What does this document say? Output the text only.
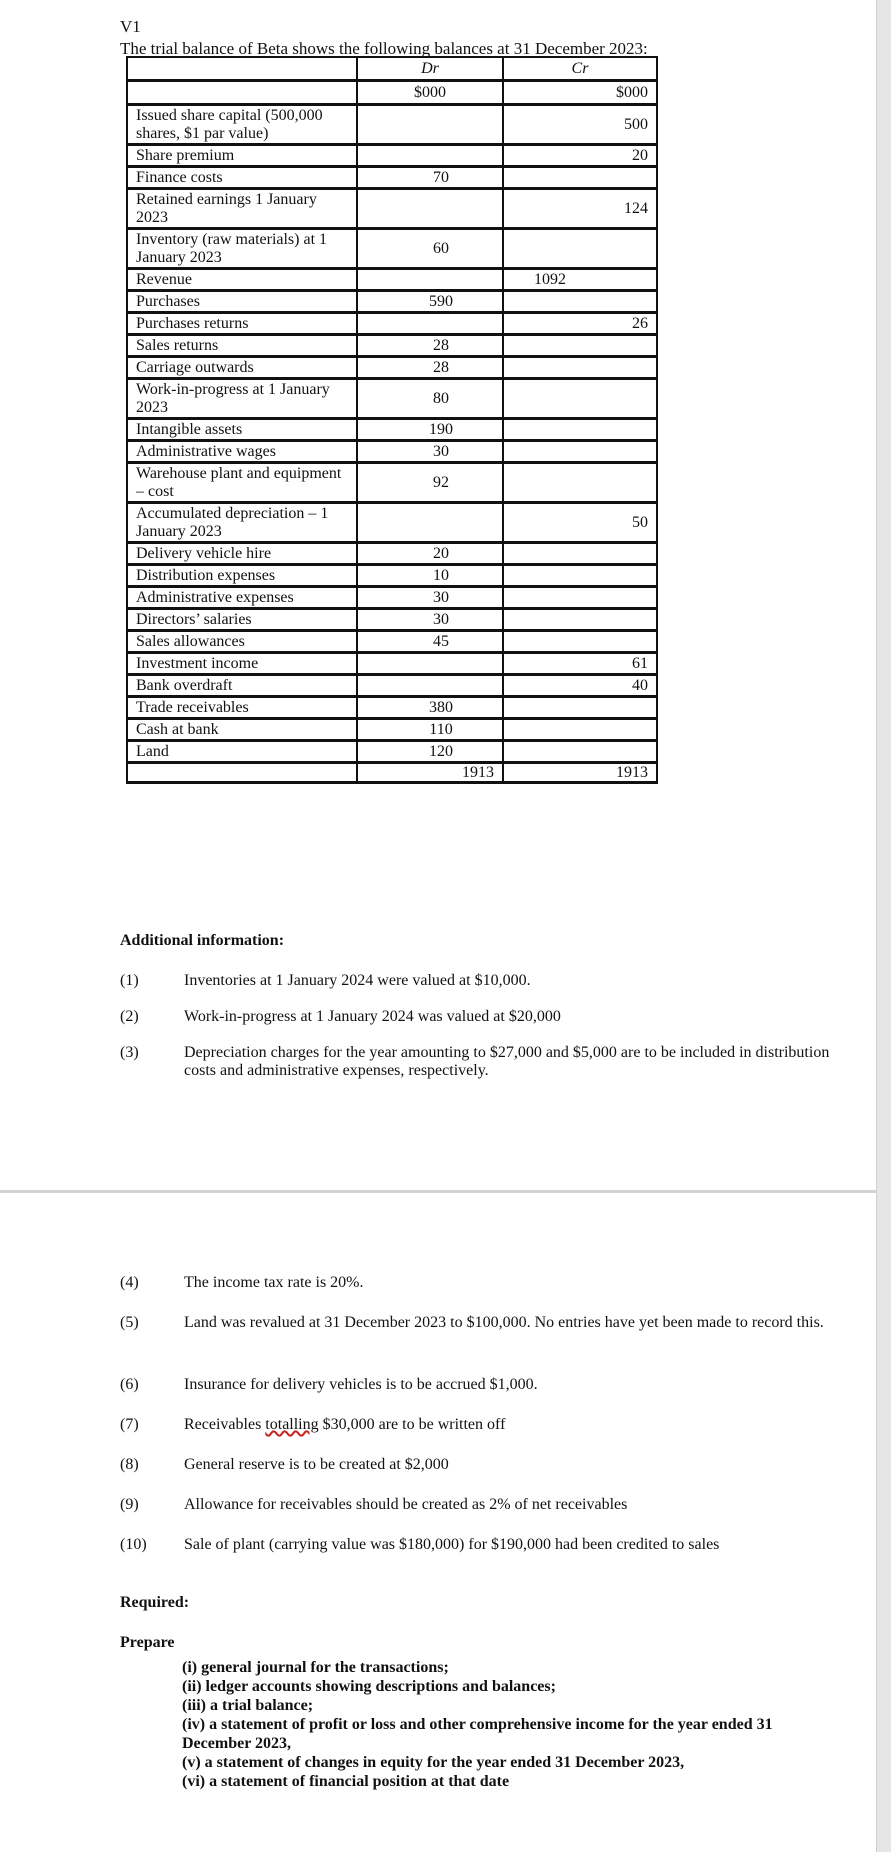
V1
The trial balance of Beta shows the following balances at 31 December 2023:
	Dr	Cr
	$000	$000
Issued share capital (500,000 shares, $1 par value)		500
Share premium		20
Finance costs	70	
Retained earnings 1 January 2023		124
Inventory (raw materials) at 1 January 2023	60	
Revenue		1092
Purchases	590	
Purchases returns		26
Sales returns	28	
Carriage outwards	28	
Work-in-progress at 1 January 2023	80	
Intangible assets	190	
Administrative wages	30	
Warehouse plant and equipment – cost	92	
Accumulated depreciation – 1 January 2023		50
Delivery vehicle hire	20	
Distribution expenses	10	
Administrative expenses	30	
Directors’ salaries	30	
Sales allowances	45	
Investment income		61
Bank overdraft		40
Trade receivables	380	
Cash at bank	110	
Land	120	
	1913	1913
Additional information:
(1)	Inventories at 1 January 2024 were valued at $10,000.
(2)	Work-in-progress at 1 January 2024 was valued at $20,000
(3)	Depreciation charges for the year amounting to $27,000 and $5,000 are to be included in distribution costs and administrative expenses, respectively.
(4)	The income tax rate is 20%.
(5)	Land was revalued at 31 December 2023 to $100,000. No entries have yet been made to record this.
(6)	Insurance for delivery vehicles is to be accrued $1,000.
(7)	Receivables totalling $30,000 are to be written off
(8)	General reserve is to be created at $2,000
(9)	Allowance for receivables should be created as 2% of net receivables
(10)	Sale of plant (carrying value was $180,000) for $190,000 had been credited to sales
Required:
Prepare
(i) general journal for the transactions;
(ii) ledger accounts showing descriptions and balances;
(iii) a trial balance;
(iv) a statement of profit or loss and other comprehensive income for the year ended 31 December 2023,
(v) a statement of changes in equity for the year ended 31 December 2023,
(vi) a statement of financial position at that date
